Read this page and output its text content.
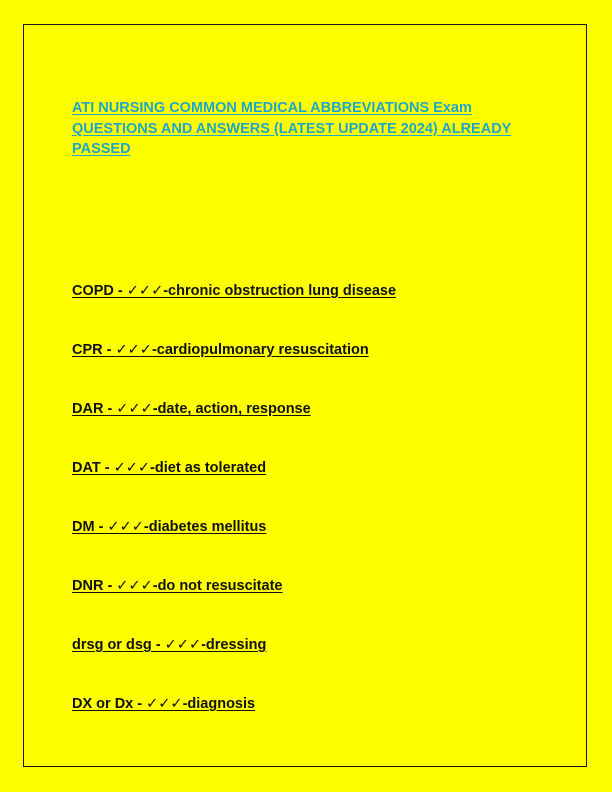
ATI NURSING COMMON MEDICAL ABBREVIATIONS Exam QUESTIONS AND ANSWERS (LATEST UPDATE 2024) ALREADY PASSED

COPD - ✓✓✓-chronic obstruction lung disease

CPR - ✓✓✓-cardiopulmonary resuscitation

DAR - ✓✓✓-date, action, response

DAT - ✓✓✓-diet as tolerated

DM - ✓✓✓-diabetes mellitus

DNR - ✓✓✓-do not resuscitate

drsg or dsg - ✓✓✓-dressing

DX or Dx - ✓✓✓-diagnosis
